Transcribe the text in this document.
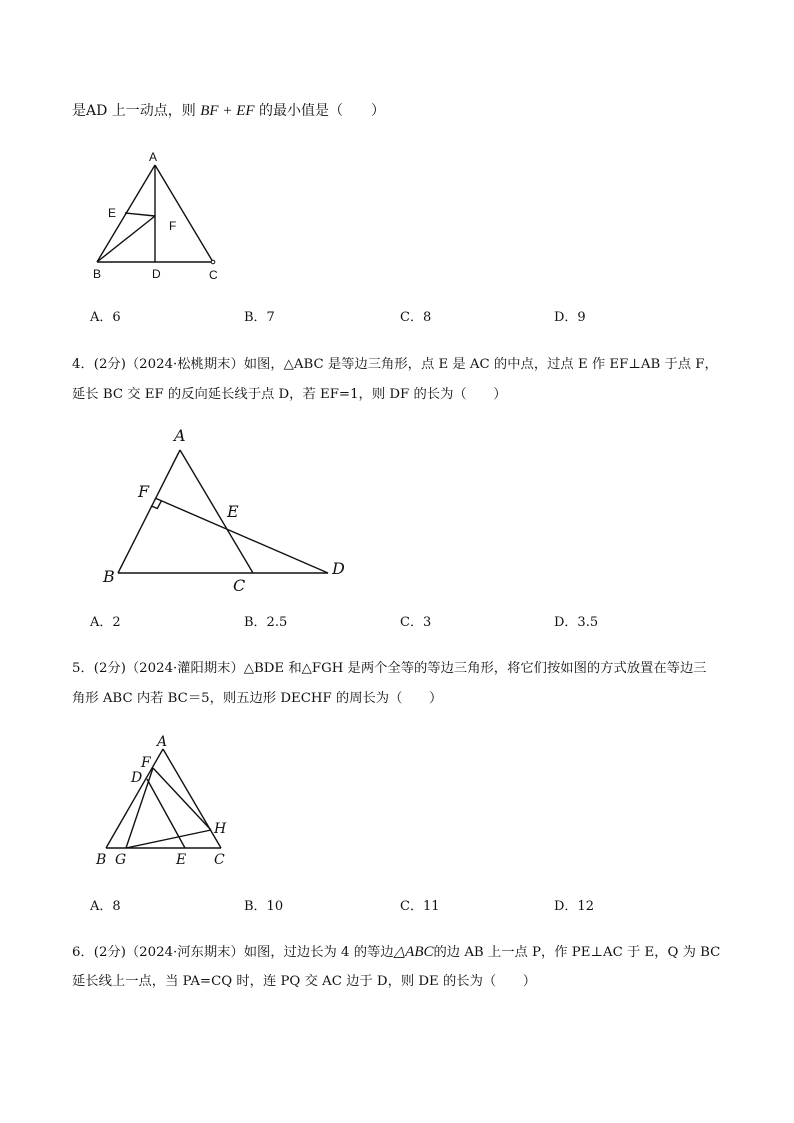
是AD 上一动点，则 BF + EF 的最小值是（　　）
A
E
F
B	D	C
A．6	B．7	C．8	D．9
4．(2分)（2024·松桃期末）如图，△ABC 是等边三角形，点 E 是 AC 的中点，过点 E 作 EF⊥AB 于点 F，
延长 BC 交 EF 的反向延长线于点 D，若 EF=1，则 DF 的长为（　　）
A
F
E
B	C
D
A．2	B．2.5	C．3	D．3.5
5．(2分)（2024·灌阳期末）△BDE 和△FGH 是两个全等的等边三角形，将它们按如图的方式放置在等边三
角形 ABC 内若 BC＝5，则五边形 DECHF 的周长为（　　）
A
F
D
H
B G	E C
A．8	B．10	C．11	D．12
6．(2分)（2024·河东期末）如图，过边长为 4 的等边△ABC的边 AB 上一点 P，作 PE⊥AC 于 E，Q 为 BC
延长线上一点，当 PA=CQ 时，连 PQ 交 AC 边于 D，则 DE 的长为（　　）
